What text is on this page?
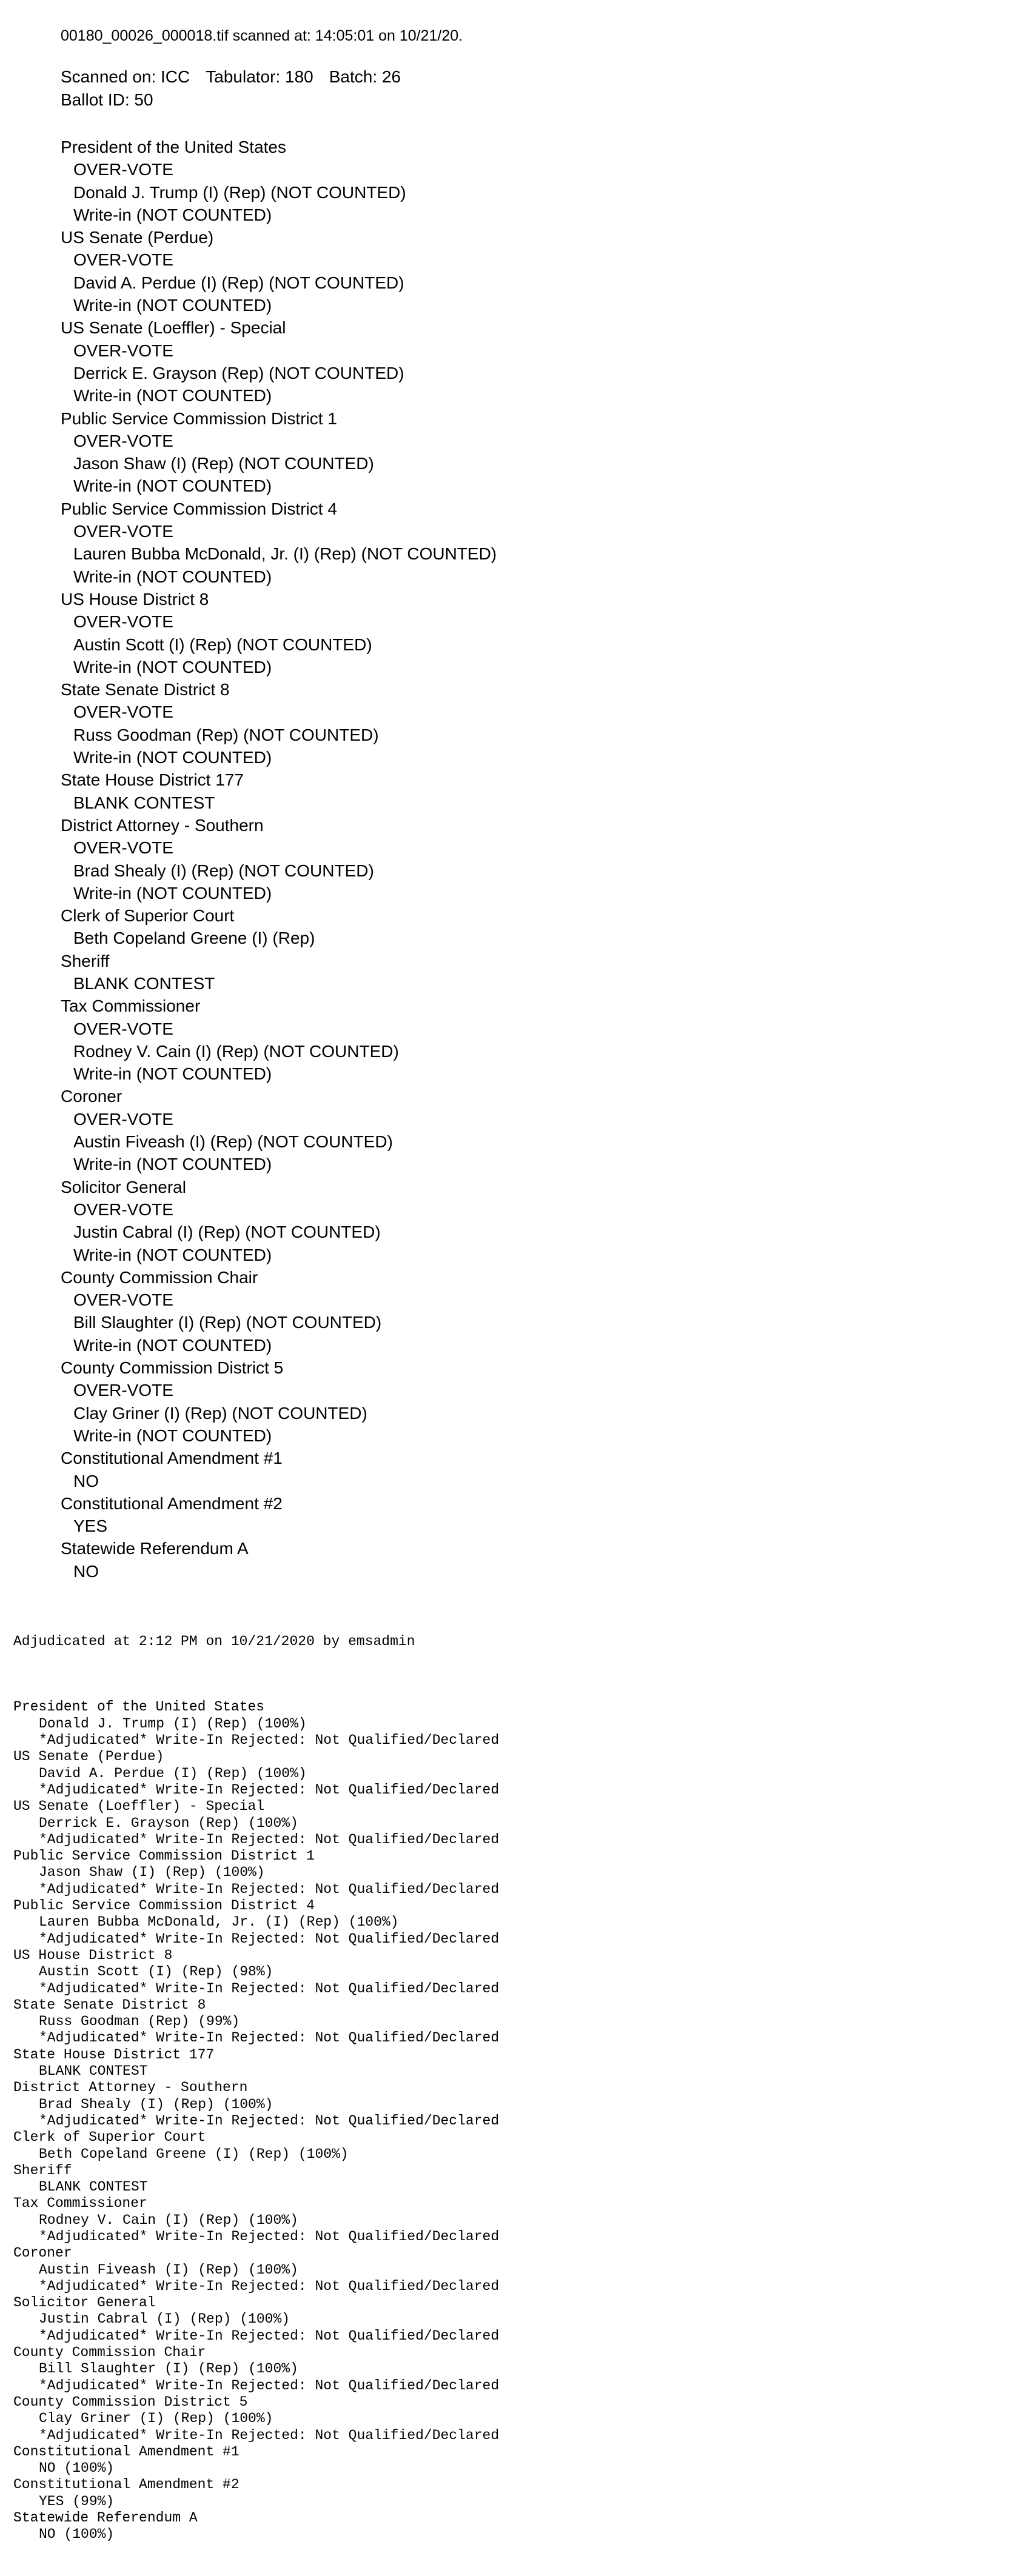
00180_00026_000018.tif scanned at: 14:05:01 on 10/21/20.
Scanned on: ICC Tabulator: 180 Batch: 26
Ballot ID: 50
President of the United States
OVER-VOTE
Donald J. Trump (I) (Rep) (NOT COUNTED)
Write-in (NOT COUNTED)
US Senate (Perdue)
OVER-VOTE
David A. Perdue (I) (Rep) (NOT COUNTED)
Write-in (NOT COUNTED)
US Senate (Loeffler) - Special
OVER-VOTE
Derrick E. Grayson (Rep) (NOT COUNTED)
Write-in (NOT COUNTED)
Public Service Commission District 1
OVER-VOTE
Jason Shaw (I) (Rep) (NOT COUNTED)
Write-in (NOT COUNTED)
Public Service Commission District 4
OVER-VOTE
Lauren Bubba McDonald, Jr. (I) (Rep) (NOT COUNTED)
Write-in (NOT COUNTED)
US House District 8
OVER-VOTE
Austin Scott (I) (Rep) (NOT COUNTED)
Write-in (NOT COUNTED)
State Senate District 8
OVER-VOTE
Russ Goodman (Rep) (NOT COUNTED)
Write-in (NOT COUNTED)
State House District 177
BLANK CONTEST
District Attorney - Southern
OVER-VOTE
Brad Shealy (I) (Rep) (NOT COUNTED)
Write-in (NOT COUNTED)
Clerk of Superior Court
Beth Copeland Greene (I) (Rep)
Sheriff
BLANK CONTEST
Tax Commissioner
OVER-VOTE
Rodney V. Cain (I) (Rep) (NOT COUNTED)
Write-in (NOT COUNTED)
Coroner
OVER-VOTE
Austin Fiveash (I) (Rep) (NOT COUNTED)
Write-in (NOT COUNTED)
Solicitor General
OVER-VOTE
Justin Cabral (I) (Rep) (NOT COUNTED)
Write-in (NOT COUNTED)
County Commission Chair
OVER-VOTE
Bill Slaughter (I) (Rep) (NOT COUNTED)
Write-in (NOT COUNTED)
County Commission District 5
OVER-VOTE
Clay Griner (I) (Rep) (NOT COUNTED)
Write-in (NOT COUNTED)
Constitutional Amendment #1
NO
Constitutional Amendment #2
YES
Statewide Referendum A
NO

Adjudicated at 2:12 PM on 10/21/2020 by emsadmin

President of the United States
Donald J. Trump (I) (Rep) (100%)
*Adjudicated* Write-In Rejected: Not Qualified/Declared
US Senate (Perdue)
David A. Perdue (I) (Rep) (100%)
*Adjudicated* Write-In Rejected: Not Qualified/Declared
US Senate (Loeffler) - Special
Derrick E. Grayson (Rep) (100%)
*Adjudicated* Write-In Rejected: Not Qualified/Declared
Public Service Commission District 1
Jason Shaw (I) (Rep) (100%)
*Adjudicated* Write-In Rejected: Not Qualified/Declared
Public Service Commission District 4
Lauren Bubba McDonald, Jr. (I) (Rep) (100%)
*Adjudicated* Write-In Rejected: Not Qualified/Declared
US House District 8
Austin Scott (I) (Rep) (98%)
*Adjudicated* Write-In Rejected: Not Qualified/Declared
State Senate District 8
Russ Goodman (Rep) (99%)
*Adjudicated* Write-In Rejected: Not Qualified/Declared
State House District 177
BLANK CONTEST
District Attorney - Southern
Brad Shealy (I) (Rep) (100%)
*Adjudicated* Write-In Rejected: Not Qualified/Declared
Clerk of Superior Court
Beth Copeland Greene (I) (Rep) (100%)
Sheriff
BLANK CONTEST
Tax Commissioner
Rodney V. Cain (I) (Rep) (100%)
*Adjudicated* Write-In Rejected: Not Qualified/Declared
Coroner
Austin Fiveash (I) (Rep) (100%)
*Adjudicated* Write-In Rejected: Not Qualified/Declared
Solicitor General
Justin Cabral (I) (Rep) (100%)
*Adjudicated* Write-In Rejected: Not Qualified/Declared
County Commission Chair
Bill Slaughter (I) (Rep) (100%)
*Adjudicated* Write-In Rejected: Not Qualified/Declared
County Commission District 5
Clay Griner (I) (Rep) (100%)
*Adjudicated* Write-In Rejected: Not Qualified/Declared
Constitutional Amendment #1
NO (100%)
Constitutional Amendment #2
YES (99%)
Statewide Referendum A
NO (100%)
